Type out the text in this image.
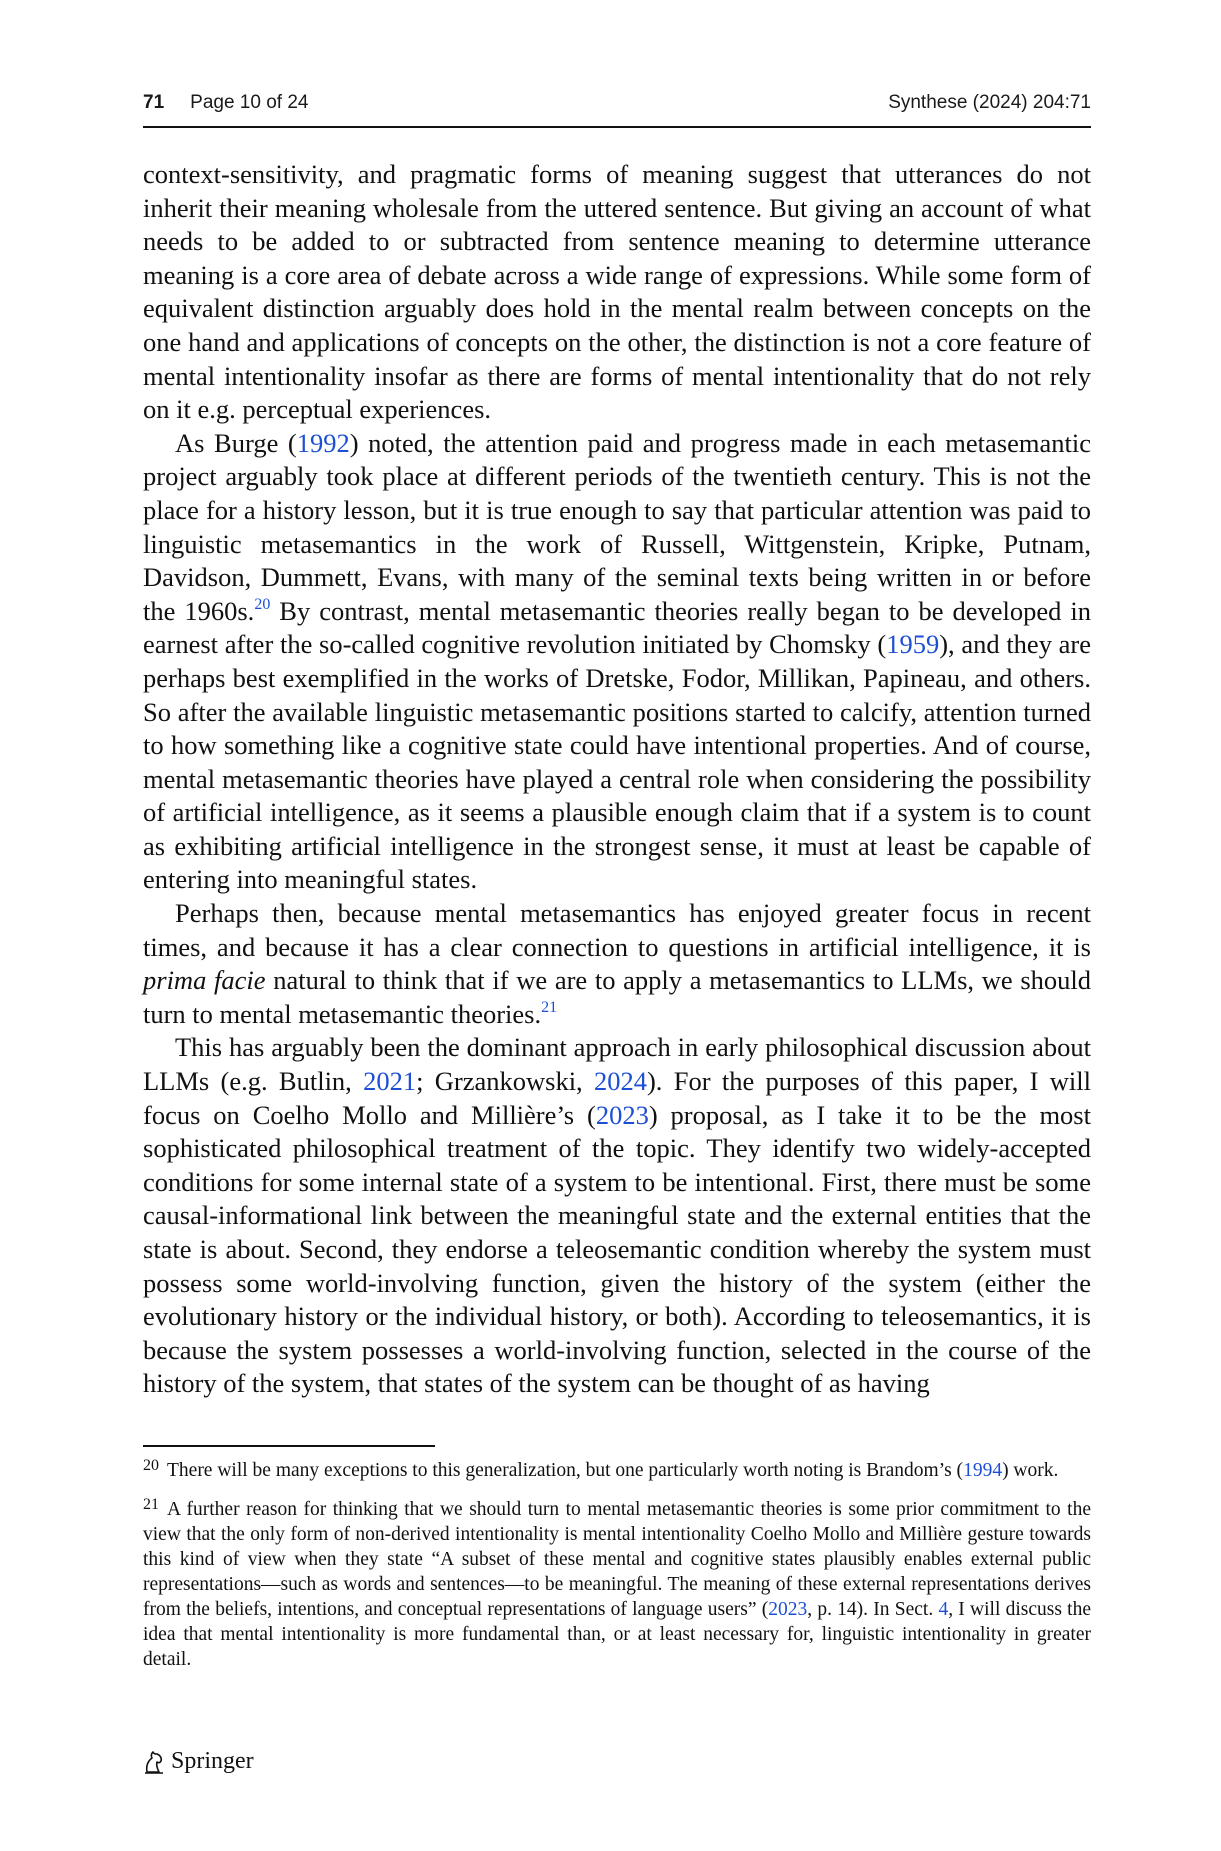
71 Page 10 of 24	Synthese (2024) 204:71

context-sensitivity, and pragmatic forms of meaning suggest that utterances do not inherit their meaning wholesale from the uttered sentence. But giving an account of what needs to be added to or subtracted from sentence meaning to determine utterance meaning is a core area of debate across a wide range of expressions. While some form of equivalent distinction arguably does hold in the mental realm between concepts on the one hand and applications of concepts on the other, the distinction is not a core feature of mental intentionality insofar as there are forms of mental intentionality that do not rely on it e.g. perceptual experiences.

As Burge (1992) noted, the attention paid and progress made in each metasemantic project arguably took place at different periods of the twentieth century. This is not the place for a history lesson, but it is true enough to say that particular attention was paid to linguistic metasemantics in the work of Russell, Wittgenstein, Kripke, Putnam, Davidson, Dummett, Evans, with many of the seminal texts being written in or before the 1960s.$^{20}$ By contrast, mental metasemantic theories really began to be developed in earnest after the so-called cognitive revolution initiated by Chomsky (1959), and they are perhaps best exemplified in the works of Dretske, Fodor, Millikan, Papineau, and others. So after the available linguistic metasemantic positions started to calcify, attention turned to how something like a cognitive state could have intentional properties. And of course, mental metasemantic theories have played a central role when considering the possibility of artificial intelligence, as it seems a plausible enough claim that if a system is to count as exhibiting artificial intelligence in the strongest sense, it must at least be capable of entering into meaningful states.

Perhaps then, because mental metasemantics has enjoyed greater focus in recent times, and because it has a clear connection to questions in artificial intelligence, it is prima facie natural to think that if we are to apply a metasemantics to LLMs, we should turn to mental metasemantic theories.$^{21}$

This has arguably been the dominant approach in early philosophical discussion about LLMs (e.g. Butlin, 2021; Grzankowski, 2024). For the purposes of this paper, I will focus on Coelho Mollo and Millière’s (2023) proposal, as I take it to be the most sophisticated philosophical treatment of the topic. They identify two widely-accepted conditions for some internal state of a system to be intentional. First, there must be some causal-informational link between the meaningful state and the external entities that the state is about. Second, they endorse a teleosemantic condition whereby the system must possess some world-involving function, given the history of the system (either the evolutionary history or the individual history, or both). According to teleosemantics, it is because the system possesses a world-involving function, selected in the course of the history of the system, that states of the system can be thought of as having

$^{20}$ There will be many exceptions to this generalization, but one particularly worth noting is Brandom’s (1994) work.

$^{21}$ A further reason for thinking that we should turn to mental metasemantic theories is some prior commitment to the view that the only form of non-derived intentionality is mental intentionality Coelho Mollo and Millière gesture towards this kind of view when they state “A subset of these mental and cognitive states plausibly enables external public representations—such as words and sentences—to be meaningful. The meaning of these external representations derives from the beliefs, intentions, and conceptual representations of language users” (2023, p. 14). In Sect. 4, I will discuss the idea that mental intentionality is more fundamental than, or at least necessary for, linguistic intentionality in greater detail.

Springer
